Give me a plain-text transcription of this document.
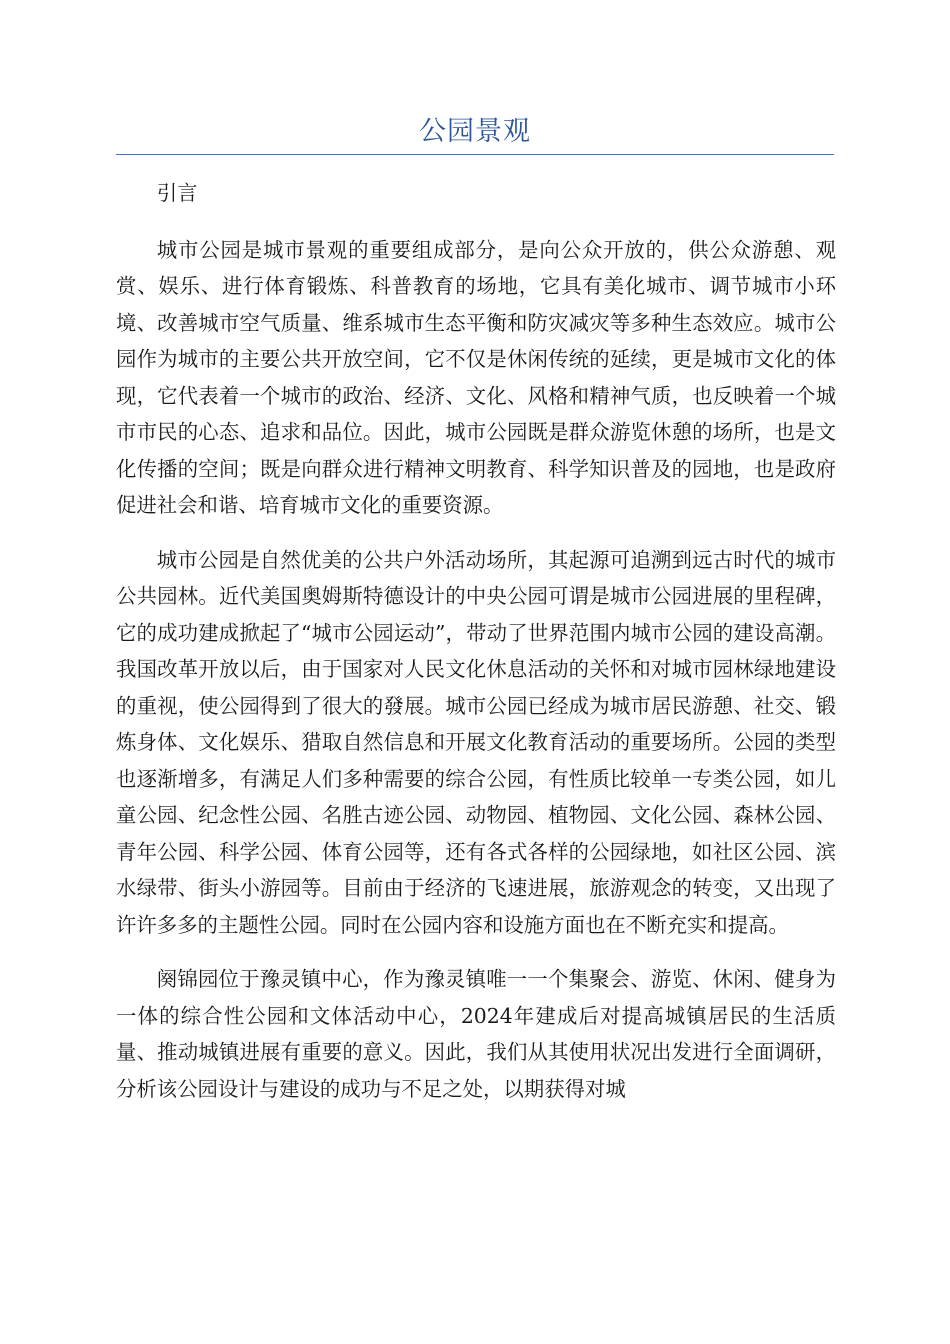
公园景观

引言

城市公园是城市景观的重要组成部分，是向公众开放的，供公众游憩、观赏、娱乐、进行体育锻炼、科普教育的场地，它具有美化城市、调节城市小环境、改善城市空气质量、维系城市生态平衡和防灾减灾等多种生态效应。城市公园作为城市的主要公共开放空间，它不仅是休闲传统的延续，更是城市文化的体现，它代表着一个城市的政治、经济、文化、风格和精神气质，也反映着一个城市市民的心态、追求和品位。因此，城市公园既是群众游览休憩的场所，也是文化传播的空间；既是向群众进行精神文明教育、科学知识普及的园地，也是政府促进社会和谐、培育城市文化的重要资源。

城市公园是自然优美的公共户外活动场所，其起源可追溯到远古时代的城市公共园林。近代美国奥姆斯特德设计的中央公园可谓是城市公园进展的里程碑，它的成功建成掀起了“城市公园运动”，带动了世界范围内城市公园的建设高潮。我国改革开放以后，由于国家对人民文化休息活动的关怀和对城市园林绿地建设的重视，使公园得到了很大的發展。城市公园已经成为城市居民游憩、社交、锻炼身体、文化娱乐、猎取自然信息和开展文化教育活动的重要场所。公园的类型也逐渐增多，有满足人们多种需要的综合公园，有性质比较单一专类公园，如儿童公园、纪念性公园、名胜古迹公园、动物园、植物园、文化公园、森林公园、青年公园、科学公园、体育公园等，还有各式各样的公园绿地，如社区公园、滨水绿带、街头小游园等。目前由于经济的飞速进展，旅游观念的转变，又出现了许许多多的主题性公园。同时在公园内容和设施方面也在不断充实和提高。

阕锦园位于豫灵镇中心，作为豫灵镇唯一一个集聚会、游览、休闲、健身为一体的综合性公园和文体活动中心，2024年建成后对提高城镇居民的生活质量、推动城镇进展有重要的意义。因此，我们从其使用状况出发进行全面调研，分析该公园设计与建设的成功与不足之处，以期获得对城
